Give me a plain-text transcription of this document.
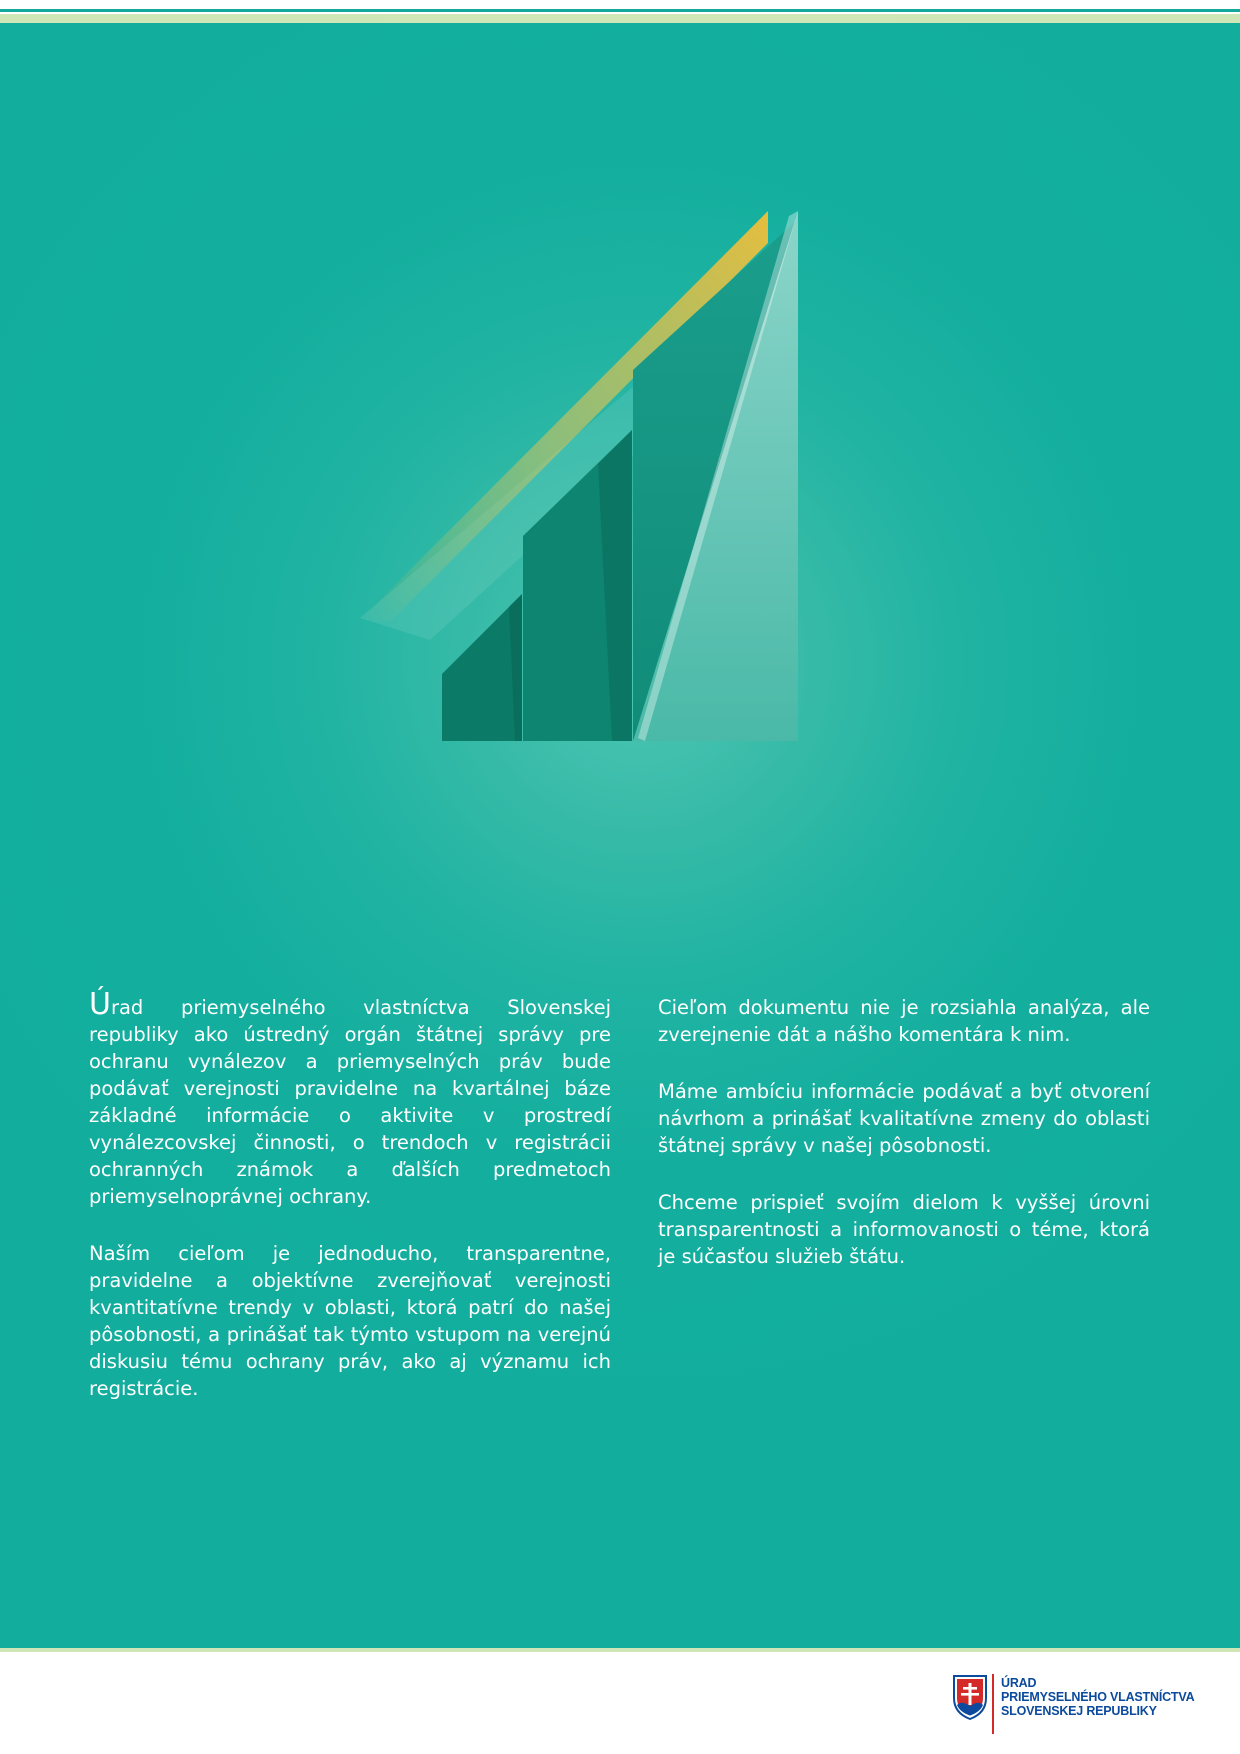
Úrad priemyselného vlastníctva Slovenskej republiky ako ústredný orgán štátnej správy pre ochranu vynálezov a priemyselných práv bude podávať verejnosti pravidelne na kvartálnej báze základné informácie o aktivite v prostredí vynálezcovskej činnosti, o trendoch v registrácii ochranných známok a ďalších predmetoch priemyselnoprávnej ochrany.

Naším cieľom je jednoducho, transparentne, pravidelne a objektívne zverejňovať verejnosti kvantitatívne trendy v oblasti, ktorá patrí do našej pôsobnosti, a prinášať tak týmto vstupom na verejnú diskusiu tému ochrany práv, ako aj významu ich registrácie.

Cieľom dokumentu nie je rozsiahla analýza, ale zverejnenie dát a nášho komentára k nim.

Máme ambíciu informácie podávať a byť otvorení návrhom a prinášať kvalitatívne zmeny do oblasti štátnej správy v našej pôsobnosti.

Chceme prispieť svojím dielom k vyššej úrovni transparentnosti a informovanosti o téme, ktorá je súčasťou služieb štátu.

ÚRAD
PRIEMYSELNÉHO VLASTNÍCTVA
SLOVENSKEJ REPUBLIKY
